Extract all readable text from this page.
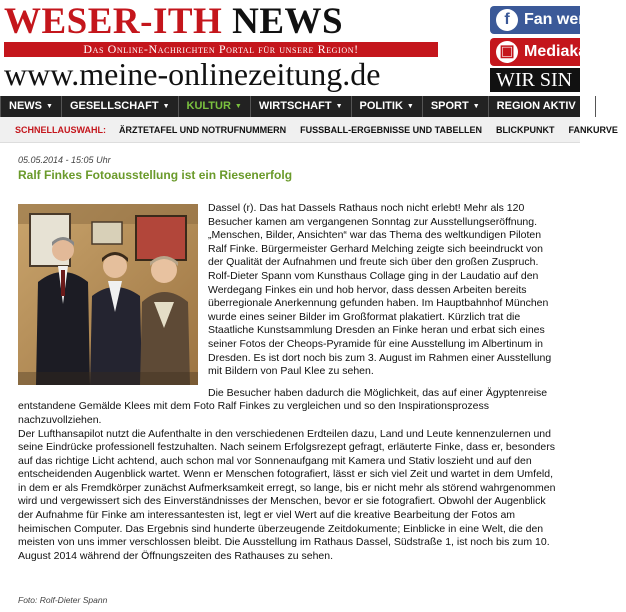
WESER-ITH NEWS
Das Online-Nachrichten Portal für unsere Region!
www.meine-onlinezeitung.de
f Fan wer
▣ Mediakar
WIR SIN
NEWS ▼	GESELLSCHAFT ▼	KULTUR ▼	WIRTSCHAFT ▼	POLITIK ▼	SPORT ▼	REGION AKTIV ▼	PA
SCHNELLAUSWAHL: ÄRZTETAFEL UND NOTRUFNUMMERN FUSSBALL-ERGEBNISSE UND TABELLEN BLICKPUNKT FANKURVE
05.05.2014 - 15:05 Uhr
Ralf Finkes Fotoausstellung ist ein Riesenerfolg

Dassel (r). Das hat Dassels Rathaus noch nicht erlebt! Mehr als 120 Besucher kamen am vergangenen Sonntag zur Ausstellungseröffnung. „Menschen, Bilder, Ansichten“ war das Thema des weltkundigen Piloten Ralf Finke. Bürgermeister Gerhard Melching zeigte sich beeindruckt von der Qualität der Aufnahmen und freute sich über den großen Zuspruch. Rolf-Dieter Spann vom Kunsthaus Collage ging in der Laudatio auf den Werdegang Finkes ein und hob hervor, dass dessen Arbeiten bereits überregionale Anerkennung gefunden haben. Im Hauptbahnhof München wurde eines seiner Bilder im Großformat plakatiert. Kürzlich trat die Staatliche Kunstsammlung Dresden an Finke heran und erbat sich eines seiner Fotos der Cheops-Pyramide für eine Ausstellung im Albertinum in Dresden. Es ist dort noch bis zum 3. August im Rahmen einer Ausstellung mit Bildern von Paul Klee zu sehen.

Die Besucher haben dadurch die Möglichkeit, das auf einer Ägyptenreise entstandene Gemälde Klees mit dem Foto Ralf Finkes zu vergleichen und so den Inspirationsprozess nachzuvollziehen.

Der Lufthansapilot nutzt die Aufenthalte in den verschiedenen Erdteilen dazu, Land und Leute kennenzulernen und seine Eindrücke professionell festzuhalten. Nach seinem Erfolgsrezept gefragt, erläuterte Finke, dass er, besonders auf das richtige Licht achtend, auch schon mal vor Sonnenaufgang mit Kamera und Stativ loszieht und auf den entscheidenden Augenblick wartet. Wenn er Menschen fotografiert, lässt er sich viel Zeit und wartet in dem Umfeld, in dem er als Fremdkörper zunächst Aufmerksamkeit erregt, so lange, bis er nicht mehr als störend wahrgenommen wird und vergewissert sich des Einverständnisses der Menschen, bevor er sie fotografiert. Obwohl der Augenblick der Aufnahme für Finke am interessantesten ist, legt er viel Wert auf die kreative Bearbeitung der Fotos am heimischen Computer. Das Ergebnis sind hunderte überzeugende Zeitdokumente; Einblicke in eine Welt, die den meisten von uns immer verschlossen bleibt. Die Ausstellung im Rathaus Dassel, Südstraße 1, ist noch bis zum 10. August 2014 während der Öffnungszeiten des Rathauses zu sehen.

Foto: Rolf-Dieter Spann
